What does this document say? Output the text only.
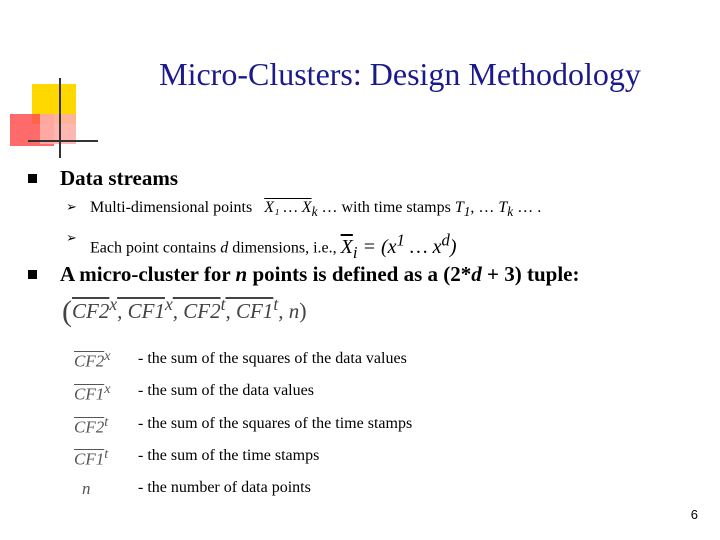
Micro-Clusters: Design Methodology
Data streams
➢ Multi-dimensional points X₁ … $X_k$ … with time stamps $T_1$, … $T_k$ … .
➢
Each point contains d dimensions, i.e., $\overline{X}_i = (x^1$ … $x^d$)
A micro-cluster for n points is defined as a (2*d + 3) tuple:
(CF2$^x$, CF1$^x$, CF2$^t$, CF1$^t$, n)
CF2$^x$ - the sum of the squares of the data values
CF1$^x$ - the sum of the data values
CF2$^t$ - the sum of the squares of the time stamps
CF1$^t$ - the sum of the time stamps
n	- the number of data points
6
